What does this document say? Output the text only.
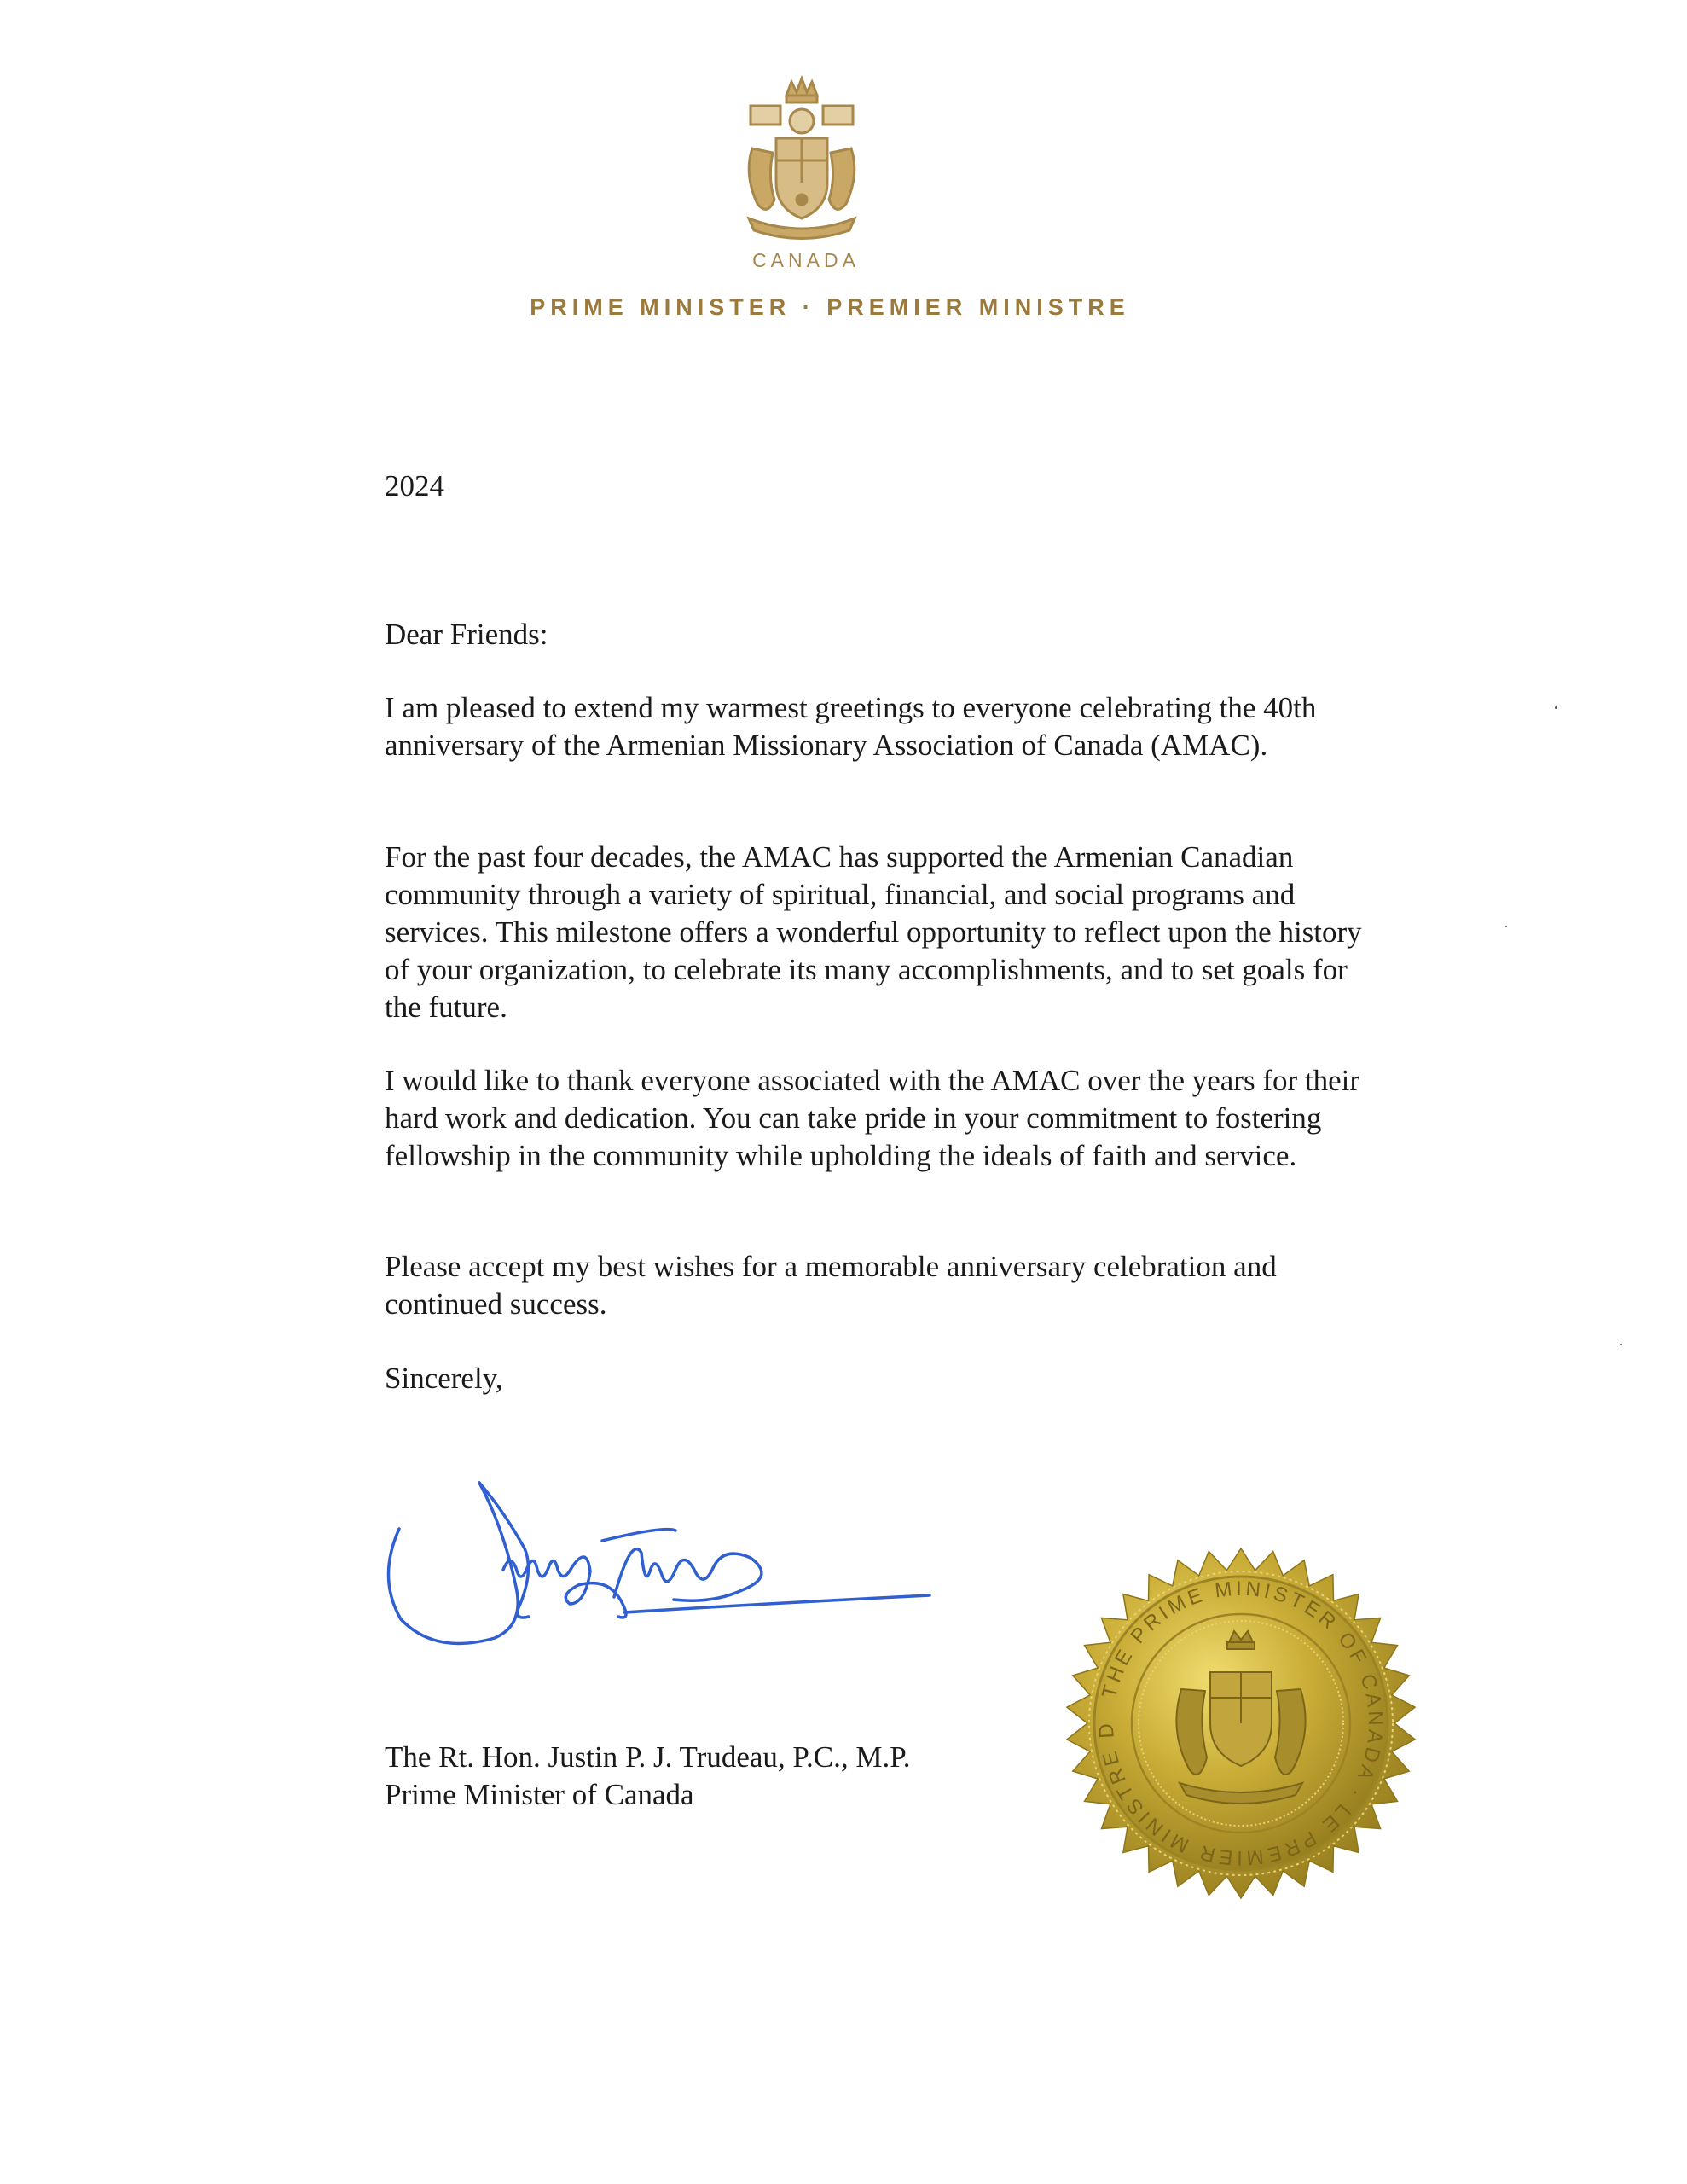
CANADA
PRIME MINISTER · PREMIER MINISTRE
2024
Dear Friends:

I am pleased to extend my warmest greetings to everyone celebrating the 40th anniversary of the Armenian Missionary Association of Canada (AMAC).

For the past four decades, the AMAC has supported the Armenian Canadian community through a variety of spiritual, financial, and social programs and services. This milestone offers a wonderful opportunity to reflect upon the history of your organization, to celebrate its many accomplishments, and to set goals for the future.

I would like to thank everyone associated with the AMAC over the years for their hard work and dedication. You can take pride in your commitment to fostering fellowship in the community while upholding the ideals of faith and service.

Please accept my best wishes for a memorable anniversary celebration and continued success.

Sincerely,
The Rt. Hon. Justin P. J. Trudeau, P.C., M.P.
Prime Minister of Canada
THE PRIME MINISTER OF CANADA · LE PREMIER MINISTRE D
